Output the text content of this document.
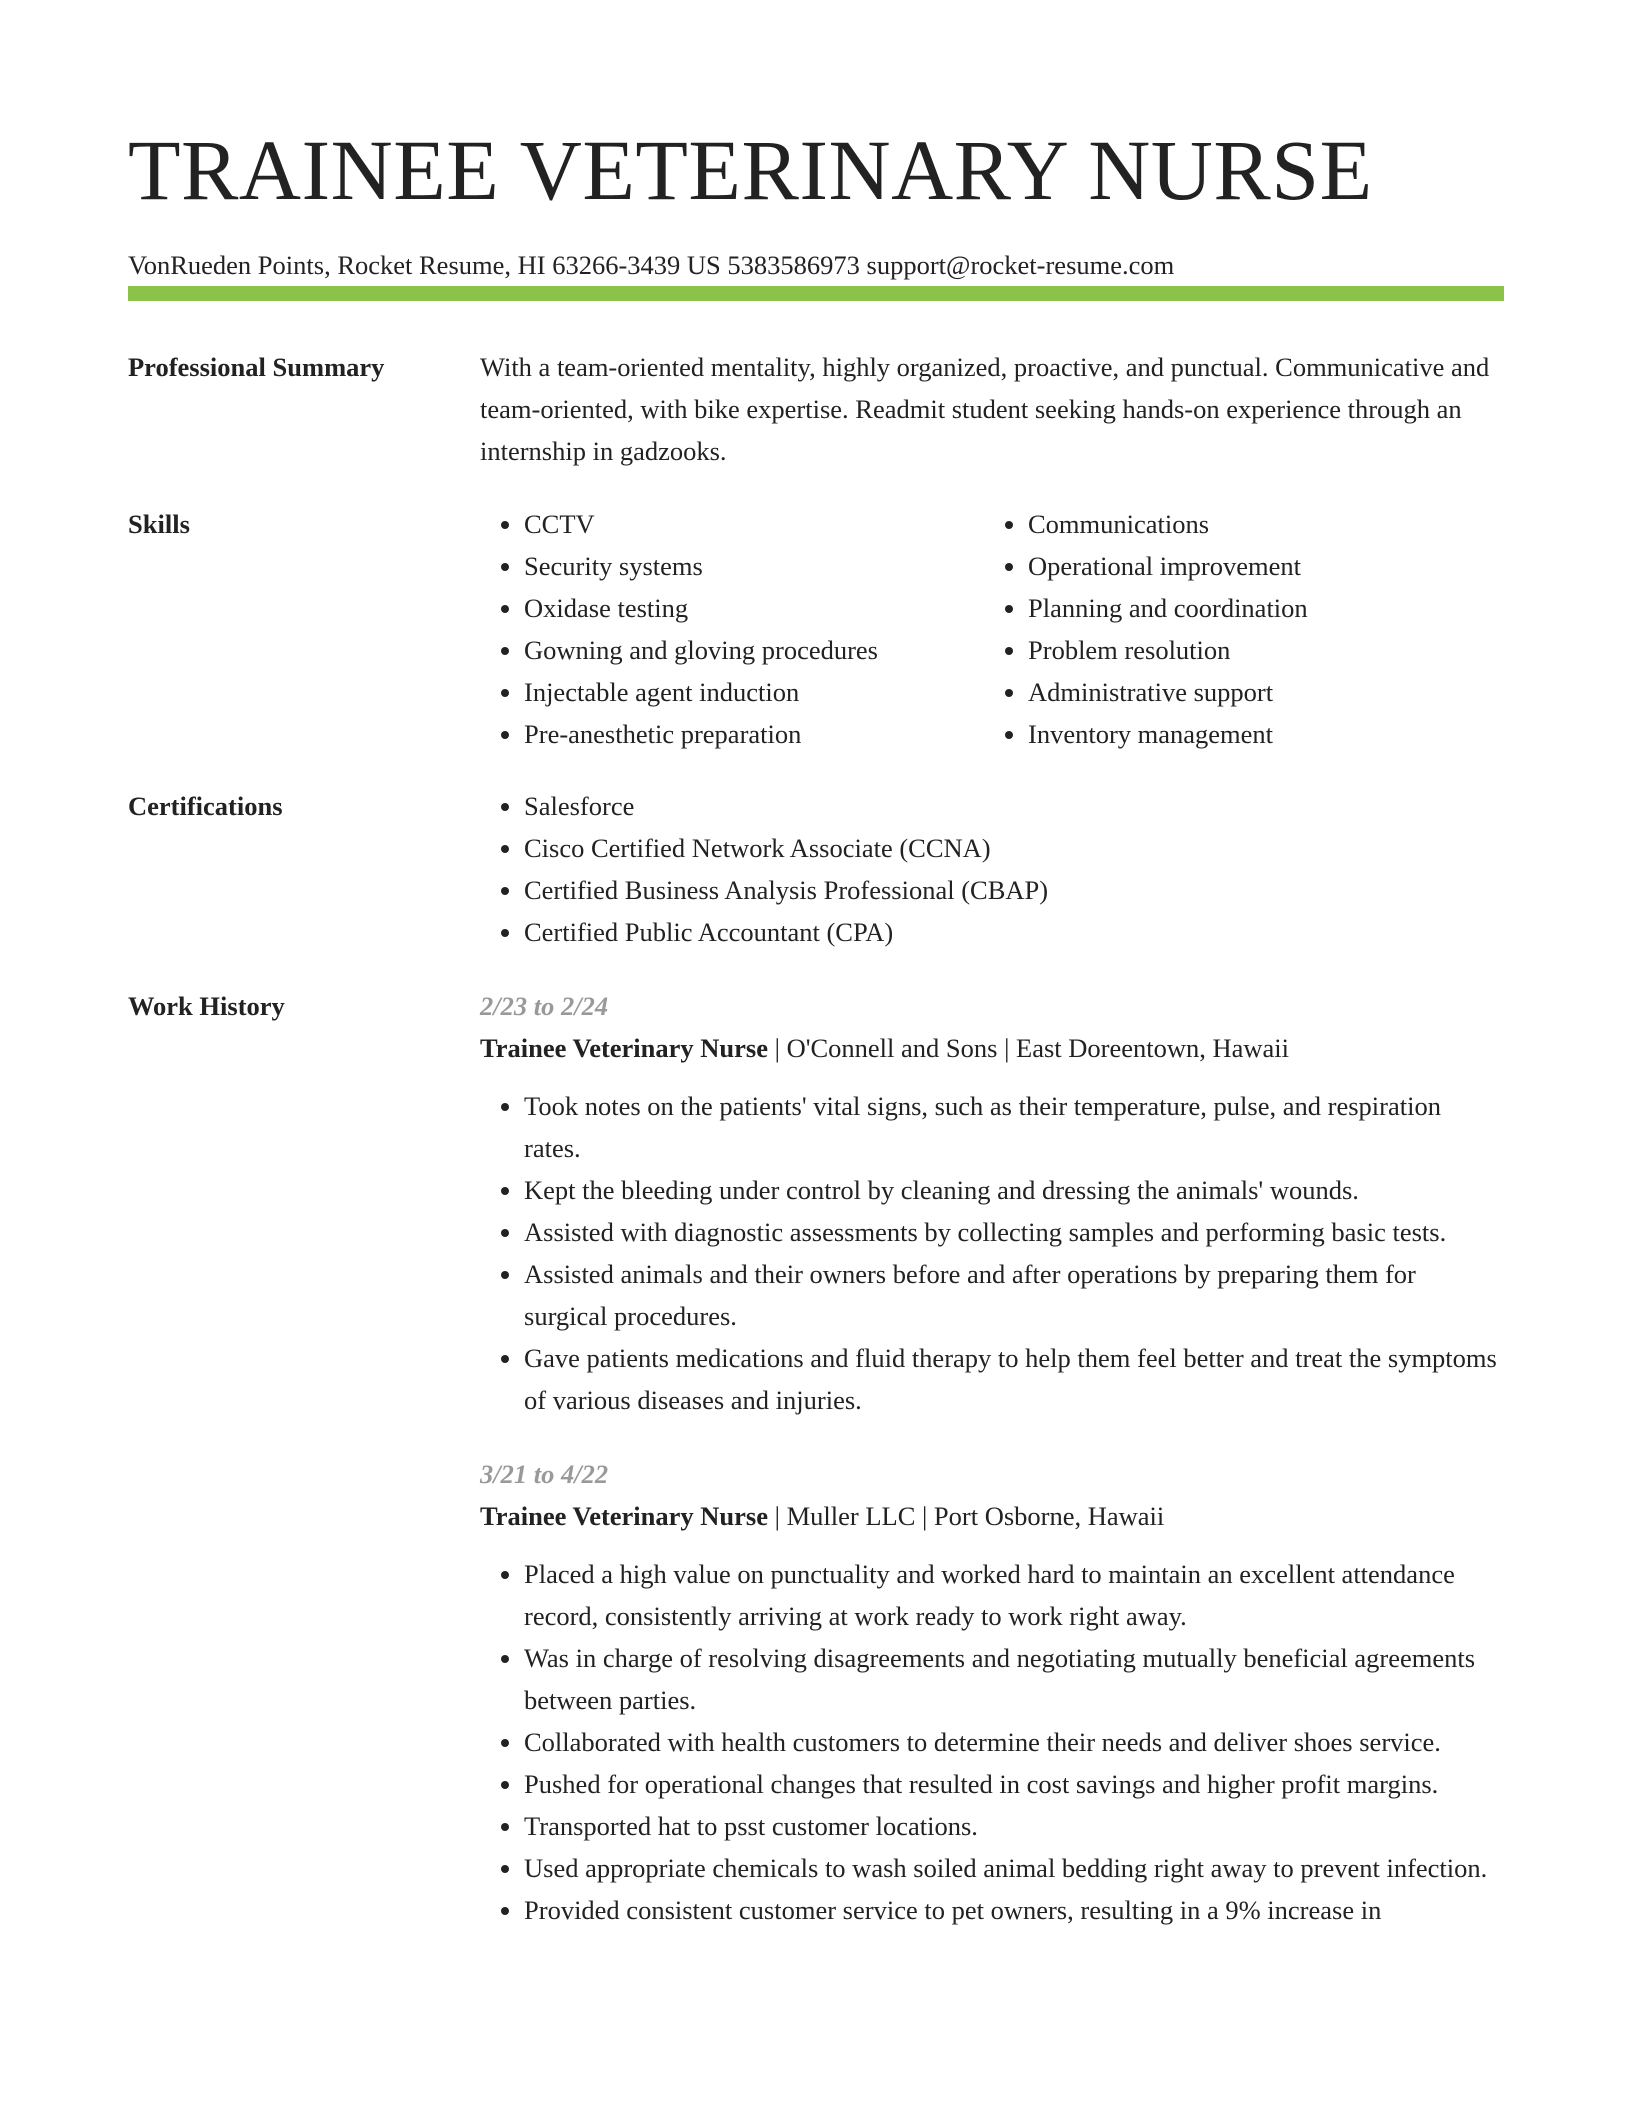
TRAINEE VETERINARY NURSE
VonRueden Points, Rocket Resume, HI 63266-3439 US 5383586973 support@rocket-resume.com
Professional Summary	With a team-oriented mentality, highly organized, proactive, and punctual. Communicative and team-oriented, with bike expertise. Readmit student seeking hands-on experience through an internship in gadzooks.

Skills	• CCTV
• Security systems
• Oxidase testing
• Gowning and gloving procedures
• Injectable agent induction
• Pre-anesthetic preparation
• Communications
• Operational improvement
• Planning and coordination
• Problem resolution
• Administrative support
• Inventory management
Certifications	• Salesforce
• Cisco Certified Network Associate (CCNA)
• Certified Business Analysis Professional (CBAP)
• Certified Public Accountant (CPA)
Work History	2/23 to 2/24
Trainee Veterinary Nurse | O'Connell and Sons | East Doreentown, Hawaii
• Took notes on the patients' vital signs, such as their temperature, pulse, and respiration rates.
• Kept the bleeding under control by cleaning and dressing the animals' wounds.
• Assisted with diagnostic assessments by collecting samples and performing basic tests.
• Assisted animals and their owners before and after operations by preparing them for surgical procedures.
• Gave patients medications and fluid therapy to help them feel better and treat the symptoms of various diseases and injuries.
3/21 to 4/22
Trainee Veterinary Nurse | Muller LLC | Port Osborne, Hawaii
• Placed a high value on punctuality and worked hard to maintain an excellent attendance record, consistently arriving at work ready to work right away.
• Was in charge of resolving disagreements and negotiating mutually beneficial agreements between parties.
• Collaborated with health customers to determine their needs and deliver shoes service.
• Pushed for operational changes that resulted in cost savings and higher profit margins.
• Transported hat to psst customer locations.
• Used appropriate chemicals to wash soiled animal bedding right away to prevent infection.
• Provided consistent customer service to pet owners, resulting in a 9% increase in
